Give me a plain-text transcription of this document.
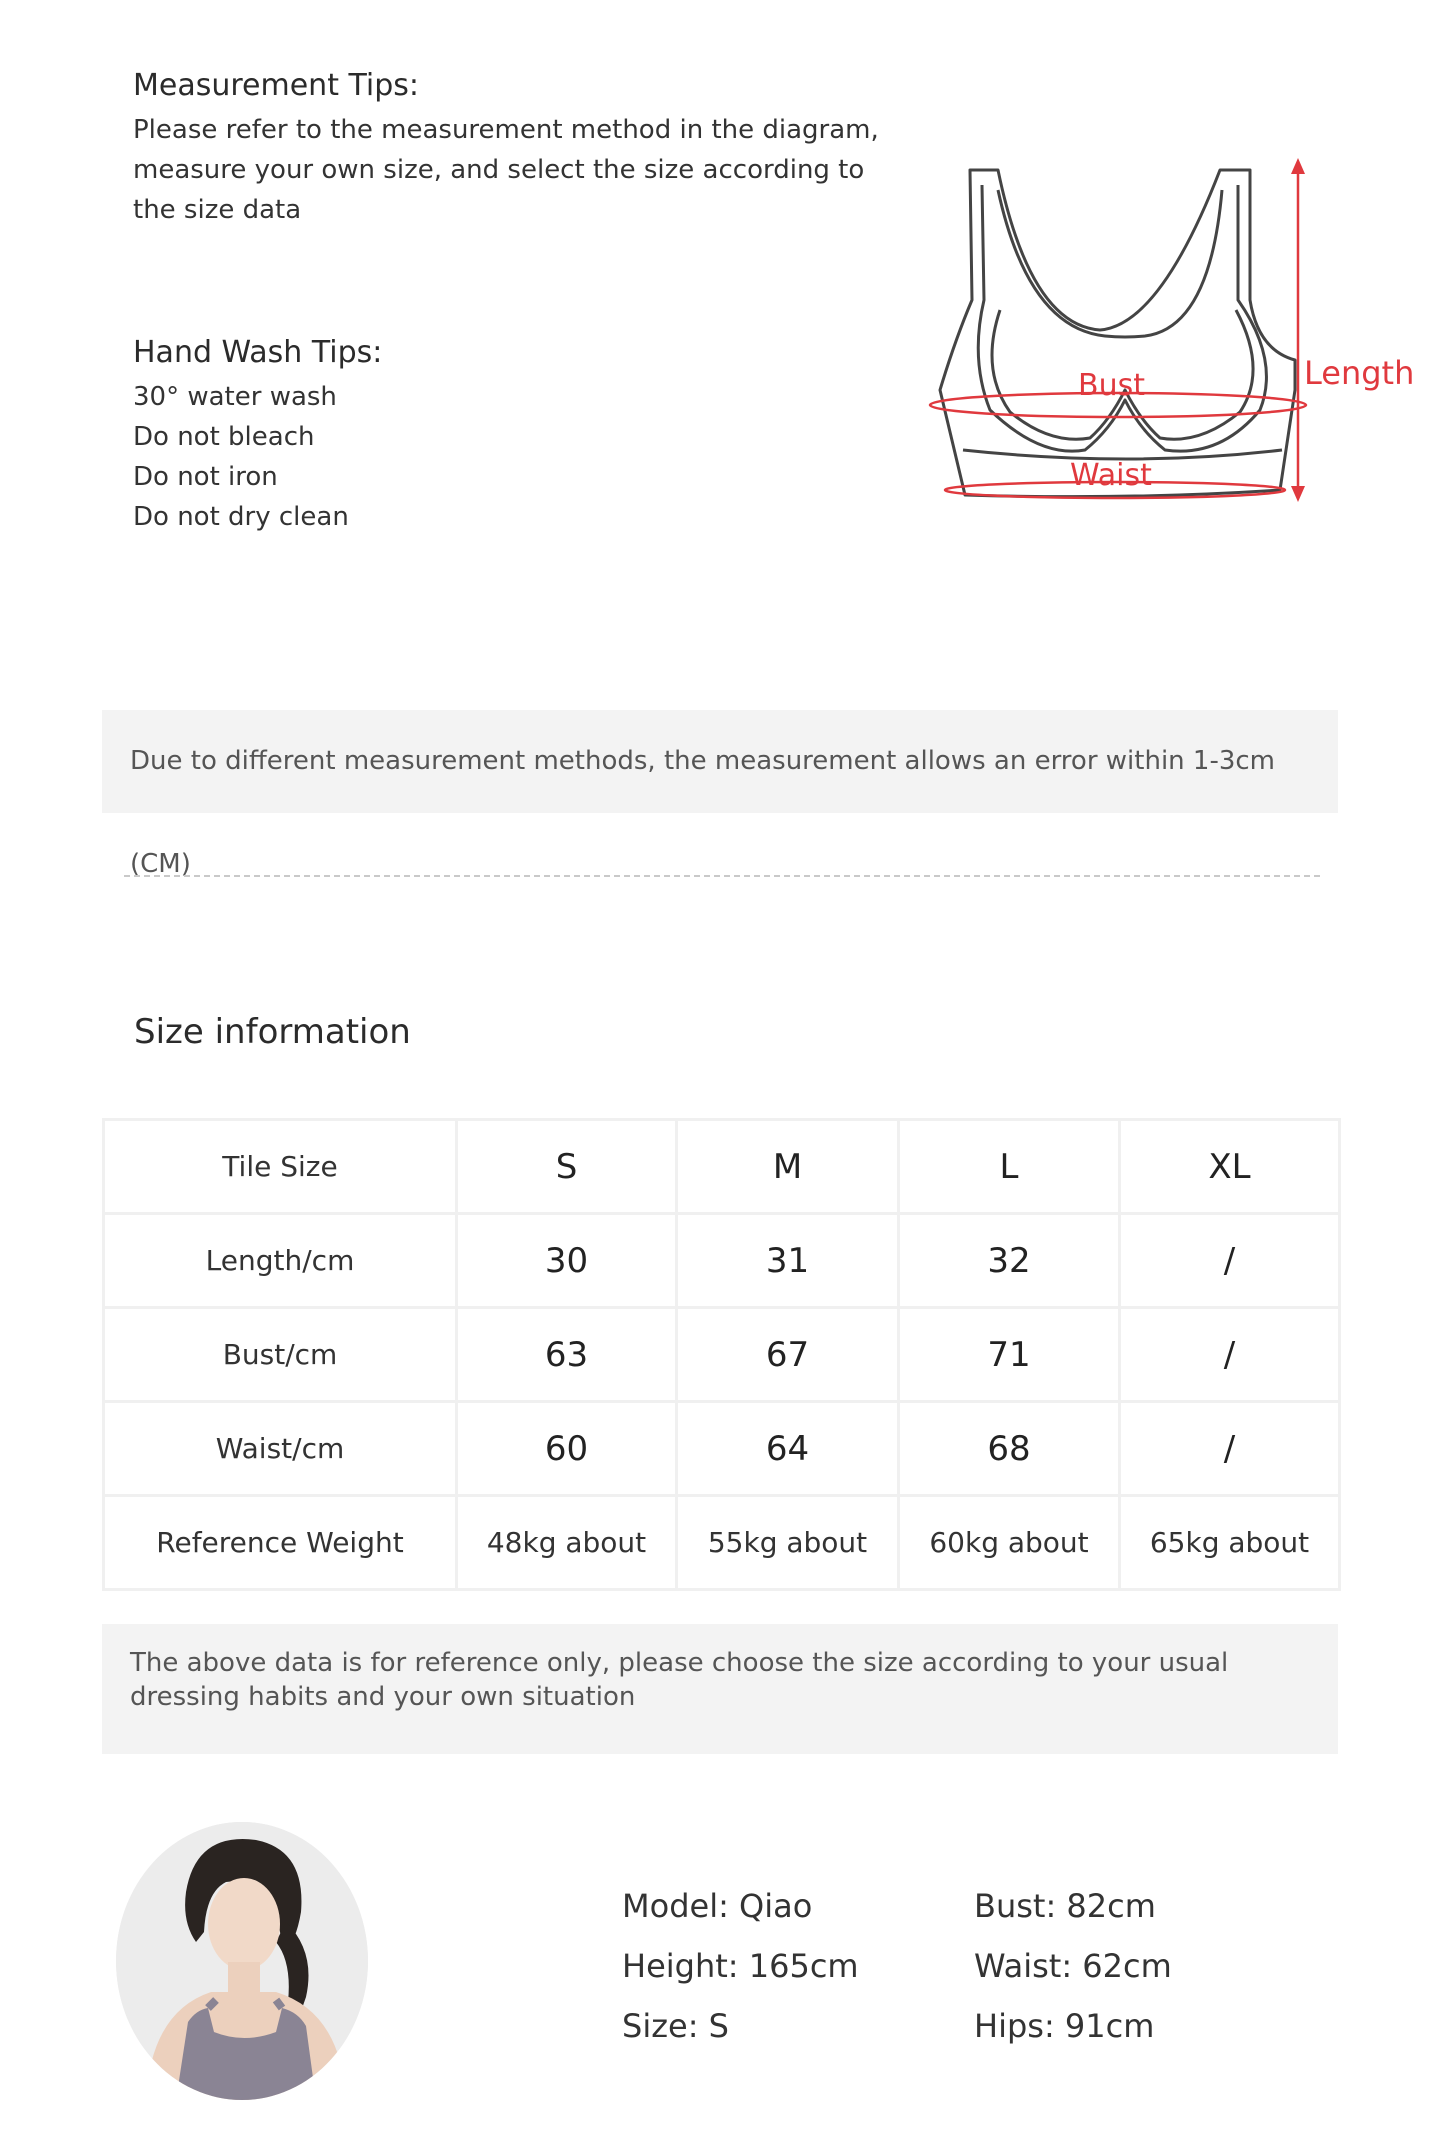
Measurement Tips:
Please refer to the measurement method in the diagram,
measure your own size, and select the size according to
the size data
Hand Wash Tips:
30° water wash
Do not bleach
Do not iron
Do not dry clean
Bust
Waist
Length
Due to different measurement methods, the measurement allows an error within 1-3cm (CM)
Size information
Tile Size	S	M	L	XL
Length/cm	30	31	32	/
Bust/cm	63	67	71	/
Waist/cm	60	64	68	/
Reference Weight	48kg about	55kg about	60kg about	65kg about
The above data is for reference only, please choose the size according to your usual dressing habits and your own situation
Model: Qiao
Height: 165cm
Size: S
Bust: 82cm
Waist: 62cm
Hips: 91cm
